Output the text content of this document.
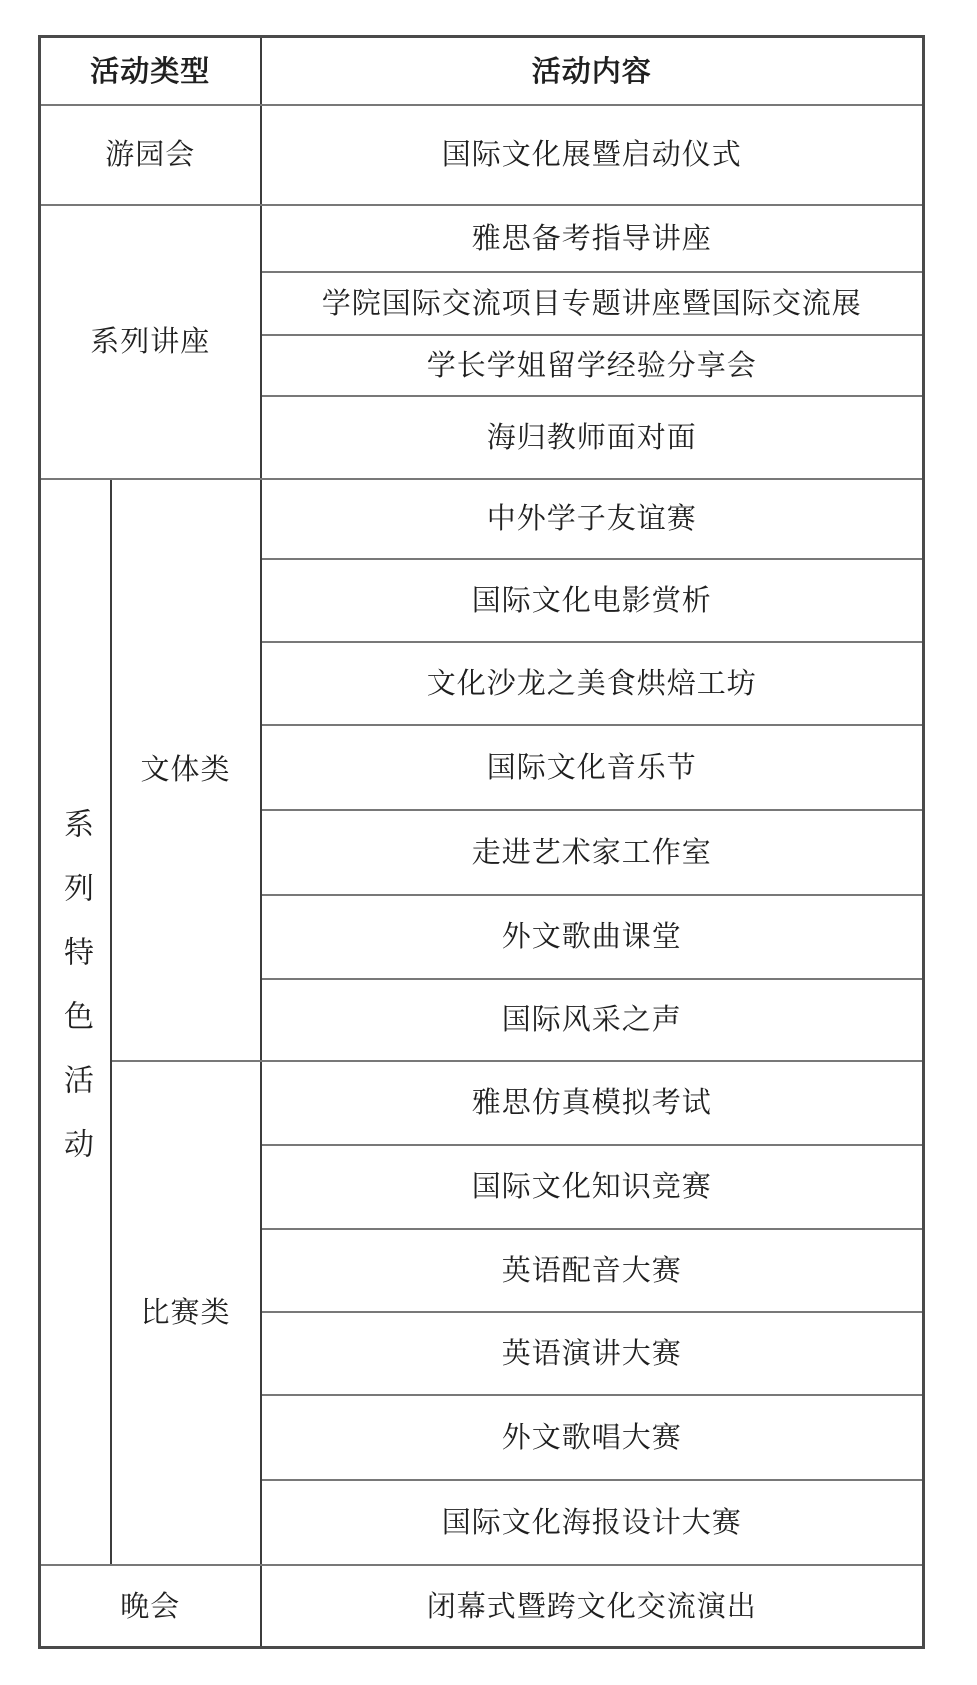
活动类型		活动内容
游园会		国际文化展暨启动仪式
系列讲座		雅思备考指导讲座
		学院国际交流项目专题讲座暨国际交流展
		学长学姐留学经验分享会
		海归教师面对面
系列特色活动	文体类	中外学子友谊赛
		国际文化电影赏析
		文化沙龙之美食烘焙工坊
		国际文化音乐节
		走进艺术家工作室
		外文歌曲课堂
		国际风采之声
	比赛类	雅思仿真模拟考试
		国际文化知识竞赛
		英语配音大赛
		英语演讲大赛
		外文歌唱大赛
		国际文化海报设计大赛
晚会		闭幕式暨跨文化交流演出
